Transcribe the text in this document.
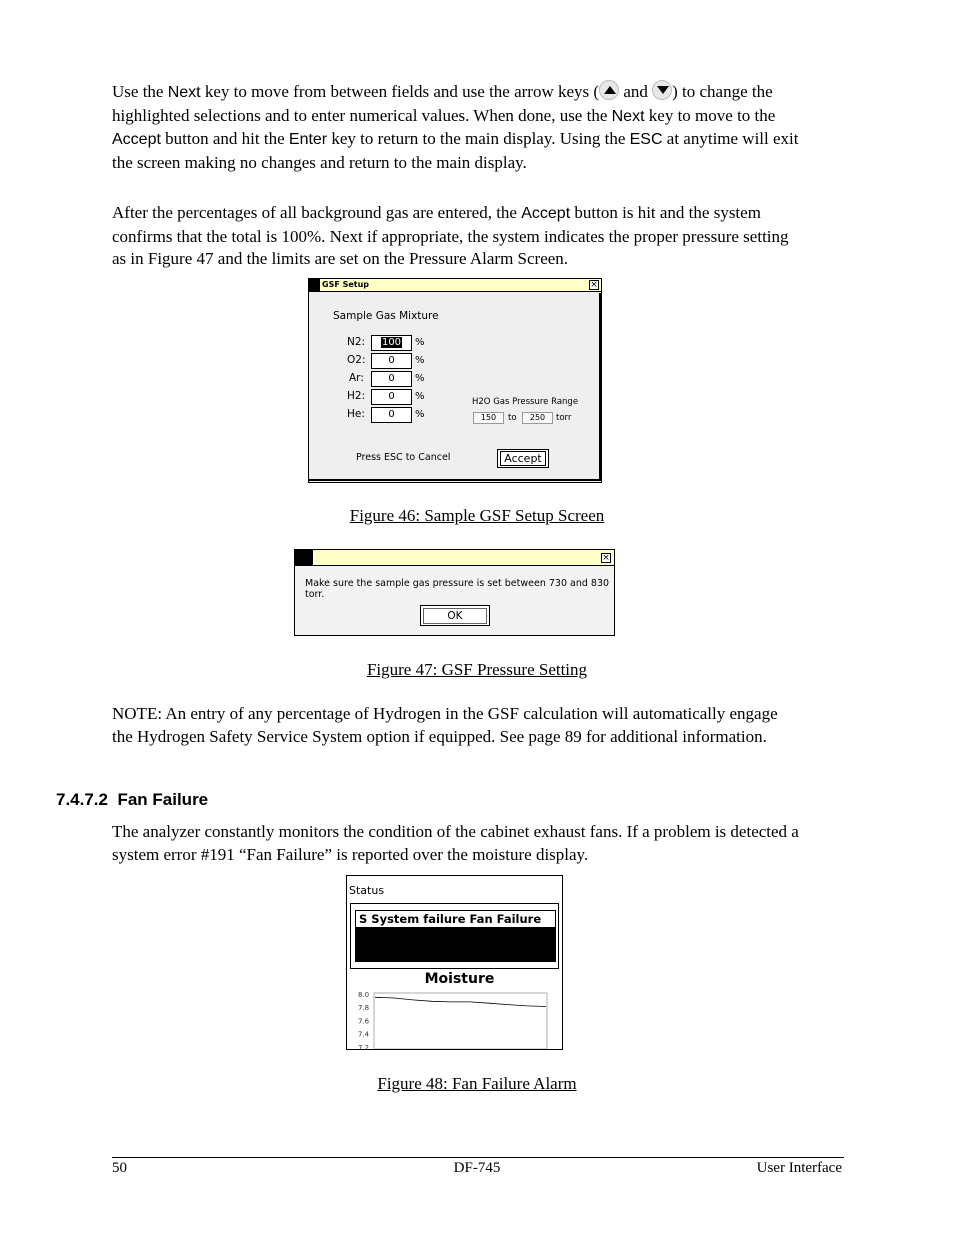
Use the Next key to move from between fields and use the arrow keys (
and
) to change the highlighted selections and to enter numerical values. When done, use the Next key to move to the Accept button and hit the Enter key to return to the main display. Using the ESC at anytime will exit the screen making no changes and return to the main display.
After the percentages of all background gas are entered, the Accept button is hit and the system confirms that the total is 100%. Next if appropriate, the system indicates the proper pressure setting as in Figure 47 and the limits are set on the Pressure Alarm Screen.
GSF Setup	×
Sample Gas Mixture
N2:	100	%
O2:	0	%
Ar:	0	%
H2:	0	%
He:	0	%
H2O Gas Pressure Range
150	to	250	torr
Press ESC to Cancel	Accept
Figure 46: Sample GSF Setup Screen
×
Make sure the sample gas pressure is set between 730 and 830 torr.
OK
Figure 47: GSF Pressure Setting
NOTE: An entry of any percentage of Hydrogen in the GSF calculation will automatically engage the Hydrogen Safety Service System option if equipped. See page 89 for additional information.
7.4.7.2 Fan Failure
The analyzer constantly monitors the condition of the cabinet exhaust fans. If a problem is detected a system error #191 “Fan Failure” is reported over the moisture display.
Status
S System failure Fan Failure
Moisture
8.0
7.8
7.6
7.4
7.2
Figure 48: Fan Failure Alarm
50	DF-745	User Interface
